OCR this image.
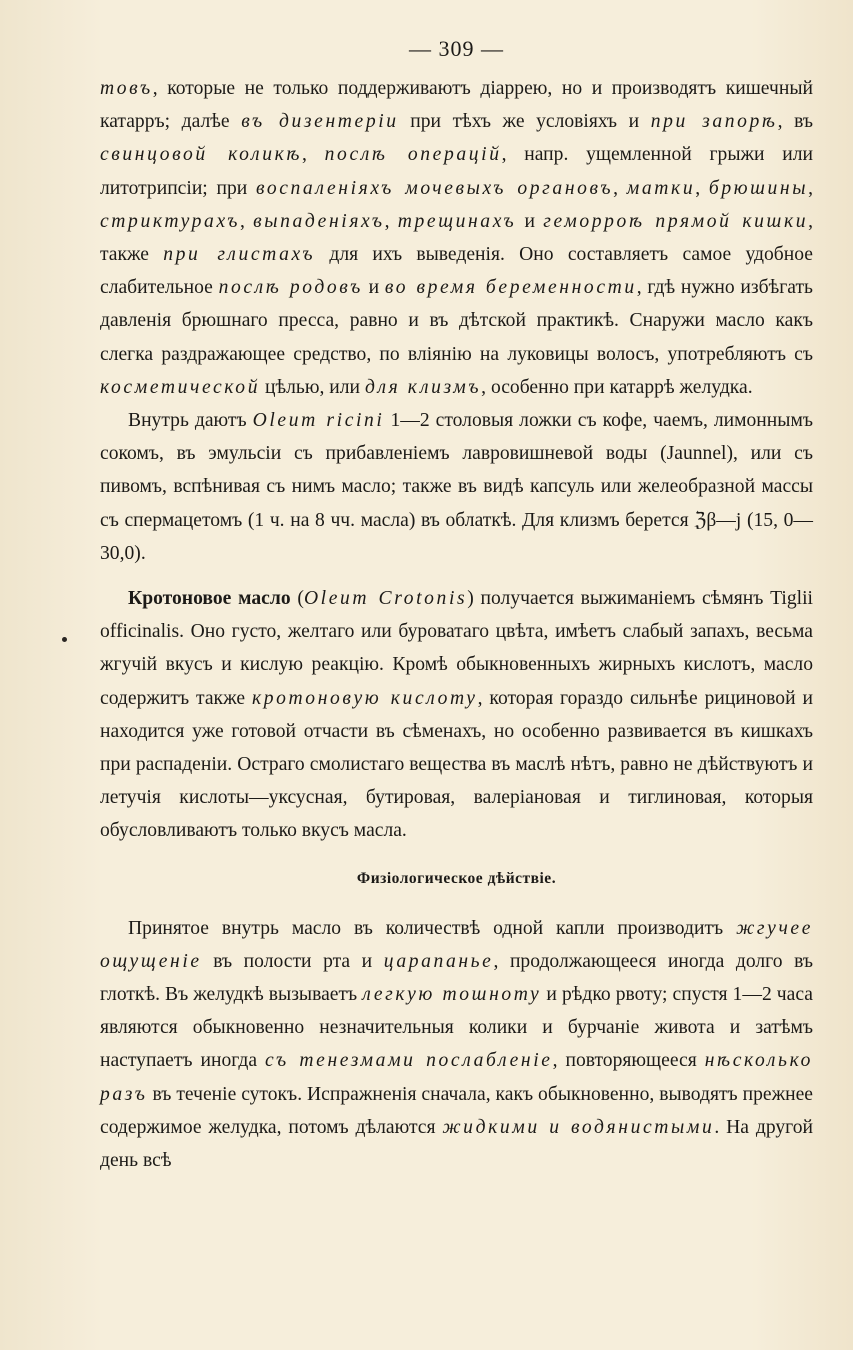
— 309 —

товъ, которые не только поддерживаютъ діаррею, но и производятъ кишечный катарръ; далѣе въ дизентеріи при тѣхъ же условіяхъ и при запорѣ, въ свинцовой коликѣ, послѣ операцій, напр. ущемленной грыжи или литотрипсіи; при воспаленіяхъ мочевыхъ органовъ, матки, брюшины, стриктурахъ, выпаденіяхъ, трещинахъ и геморроѣ прямой кишки, также при глистахъ для ихъ выведенія. Оно составляетъ самое удобное слабительное послѣ родовъ и во время беременности, гдѣ нужно избѣгать давленія брюшнаго пресса, равно и въ дѣтской практикѣ. Снаружи масло какъ слегка раздражающее средство, по вліянію на луковицы волосъ, употребляютъ съ косметической цѣлью, или для клизмъ, особенно при катаррѣ желудка.

Внутрь даютъ Oleum ricini 1—2 столовыя ложки съ кофе, чаемъ, лимоннымъ сокомъ, въ эмульсіи съ прибавленіемъ лавровишневой воды (Jaunnel), или съ пивомъ, вспѣнивая съ нимъ масло; также въ видѣ капсуль или желеобразной массы съ спермацетомъ (1 ч. на 8 чч. масла) въ облаткѣ. Для клизмъ берется ℨβ—j (15, 0—30,0).

Кротоновое масло (Oleum Crotonis) получается выжиманіемъ сѣмянъ Tiglii officinalis. Оно густо, желтаго или буроватаго цвѣта, имѣетъ слабый запахъ, весьма жгучій вкусъ и кислую реакцію. Кромѣ обыкновенныхъ жирныхъ кислотъ, масло содержитъ также кротоновую кислоту, которая гораздо сильнѣе рициновой и находится уже готовой отчасти въ сѣменахъ, но особенно развивается въ кишкахъ при распаденіи. Остраго смолистаго вещества въ маслѣ нѣтъ, равно не дѣйствуютъ и летучія кислоты—уксусная, бутировая, валеріановая и тиглиновая, которыя обусловливаютъ только вкусъ масла.

Физіологическое дѣйствіе.

Принятое внутрь масло въ количествѣ одной капли производитъ жгучее ощущеніе въ полости рта и царапанье, продолжающееся иногда долго въ глоткѣ. Въ желудкѣ вызываетъ легкую тошноту и рѣдко рвоту; спустя 1—2 часа являются обыкновенно незначительныя колики и бурчаніе живота и затѣмъ наступаетъ иногда съ тенезмами послабленіе, повторяющееся нѣсколько разъ въ теченіе сутокъ. Испражненія сначала, какъ обыкновенно, выводятъ прежнее содержимое желудка, потомъ дѣлаются жидкими и водянистыми. На другой день всѣ
